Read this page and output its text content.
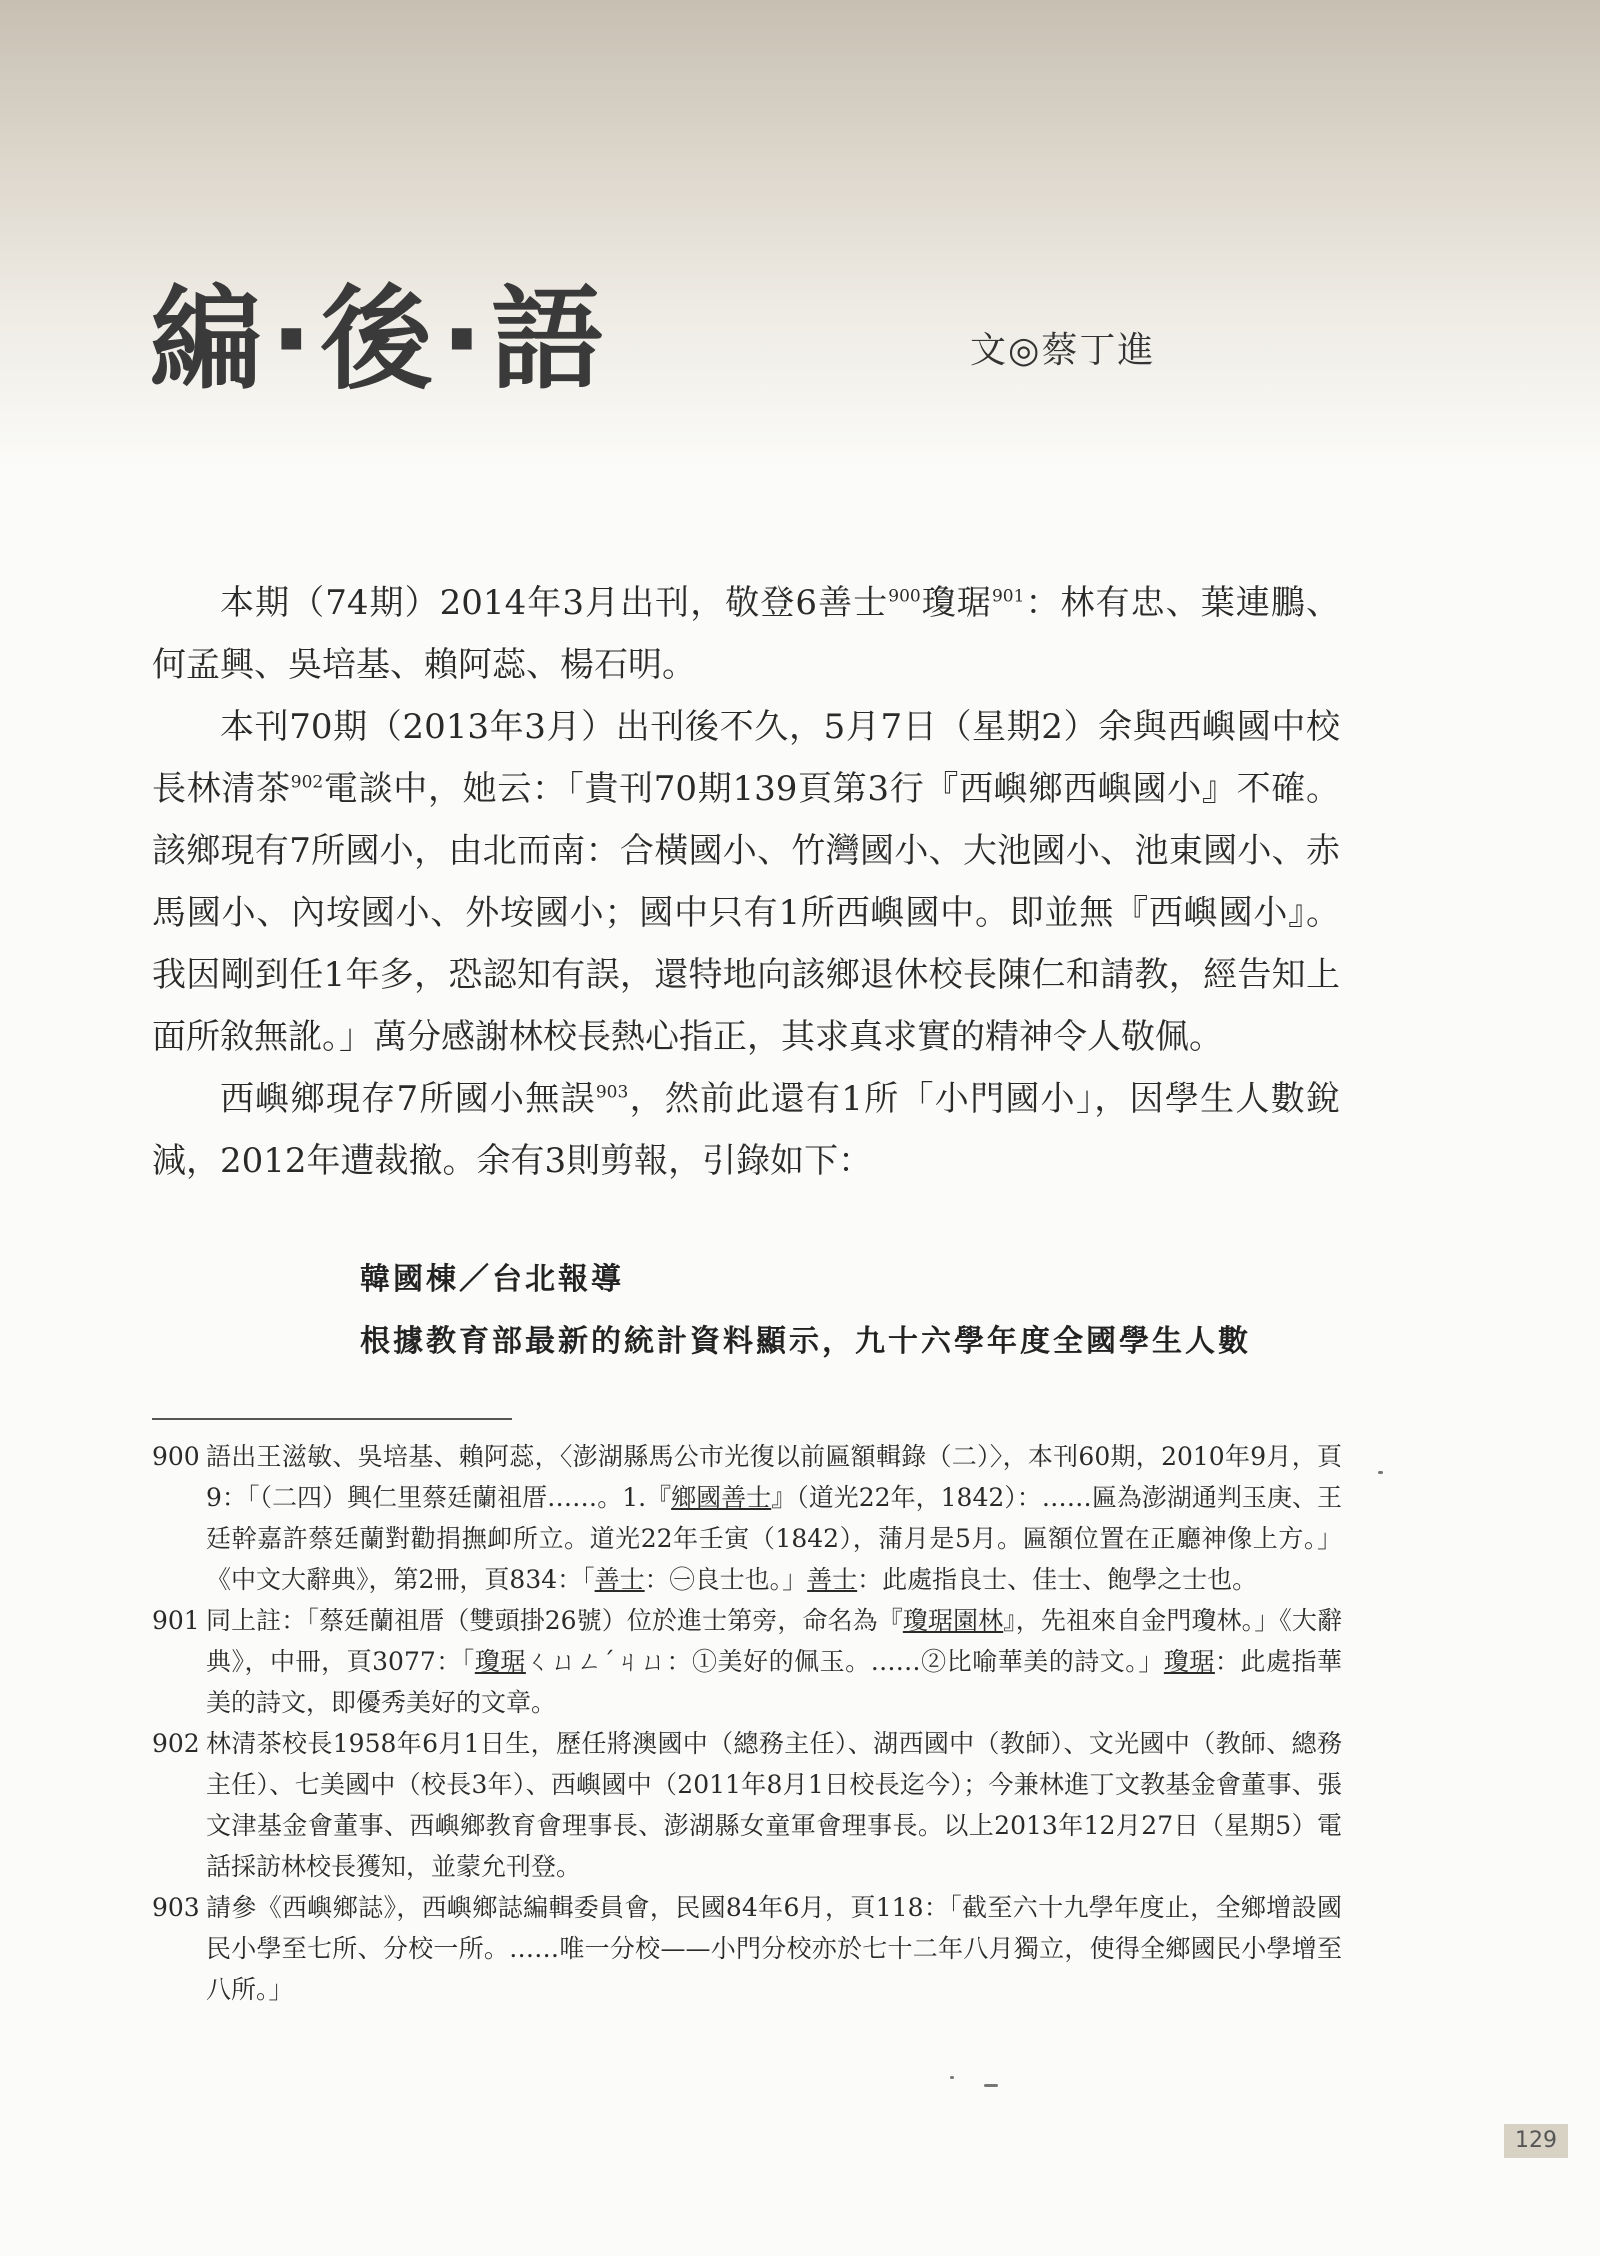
編·後·語	文◎蔡丁進

本期（74期）2014年3月出刊，敬登6善士$^{900}$瓊琚$^{901}$：林有忠、葉連鵬、何孟興、吳培基、賴阿蕊、楊石明。

本刊70期（2013年3月）出刊後不久，5月7日（星期2）余與西嶼國中校長林清茶$^{902}$電談中，她云：「貴刊70期139頁第3行『西嶼鄉西嶼國小』不確。該鄉現有7所國小，由北而南：合橫國小、竹灣國小、大池國小、池東國小、赤馬國小、內垵國小、外垵國小；國中只有1所西嶼國中。即並無『西嶼國小』。我因剛到任1年多，恐認知有誤，還特地向該鄉退休校長陳仁和請教，經告知上面所敘無訛。」萬分感謝林校長熱心指正，其求真求實的精神令人敬佩。

西嶼鄉現存7所國小無誤$^{903}$，然前此還有1所「小門國小」，因學生人數銳減，2012年遭裁撤。余有3則剪報，引錄如下：

韓國棟／台北報導
根據教育部最新的統計資料顯示，九十六學年度全國學生人數
900 語出王滋敏、吳培基、賴阿蕊，〈澎湖縣馬公市光復以前匾額輯錄（二）〉，本刊60期，2010年9月，頁9：「（二四）興仁里蔡廷蘭祖厝……。1.『鄉國善士』（道光22年，1842）：……匾為澎湖通判玉庚、王廷幹嘉許蔡廷蘭對勸捐撫卹所立。道光22年壬寅（1842），蒲月是5月。匾額位置在正廳神像上方。」《中文大辭典》，第2冊，頁834：「善士：㊀良士也。」善士：此處指良士、佳士、飽學之士也。
901 同上註：「蔡廷蘭祖厝（雙頭掛26號）位於進士第旁，命名為『瓊琚園林』，先祖來自金門瓊林。」《大辭典》，中冊，頁3077：「瓊琚ㄑㄩㄥˊㄐㄩ：①美好的佩玉。……②比喻華美的詩文。」瓊琚：此處指華美的詩文，即優秀美好的文章。
902 林清茶校長1958年6月1日生，歷任將澳國中（總務主任）、湖西國中（教師）、文光國中（教師、總務主任）、七美國中（校長3年）、西嶼國中（2011年8月1日校長迄今）；今兼林進丁文教基金會董事、張文津基金會董事、西嶼鄉教育會理事長、澎湖縣女童軍會理事長。以上2013年12月27日（星期5）電話採訪林校長獲知，並蒙允刊登。
903 請參《西嶼鄉誌》，西嶼鄉誌編輯委員會，民國84年6月，頁118：「截至六十九學年度止，全鄉增設國民小學至七所、分校一所。……唯一分校——小門分校亦於七十二年八月獨立，使得全鄉國民小學增至八所。」
129
